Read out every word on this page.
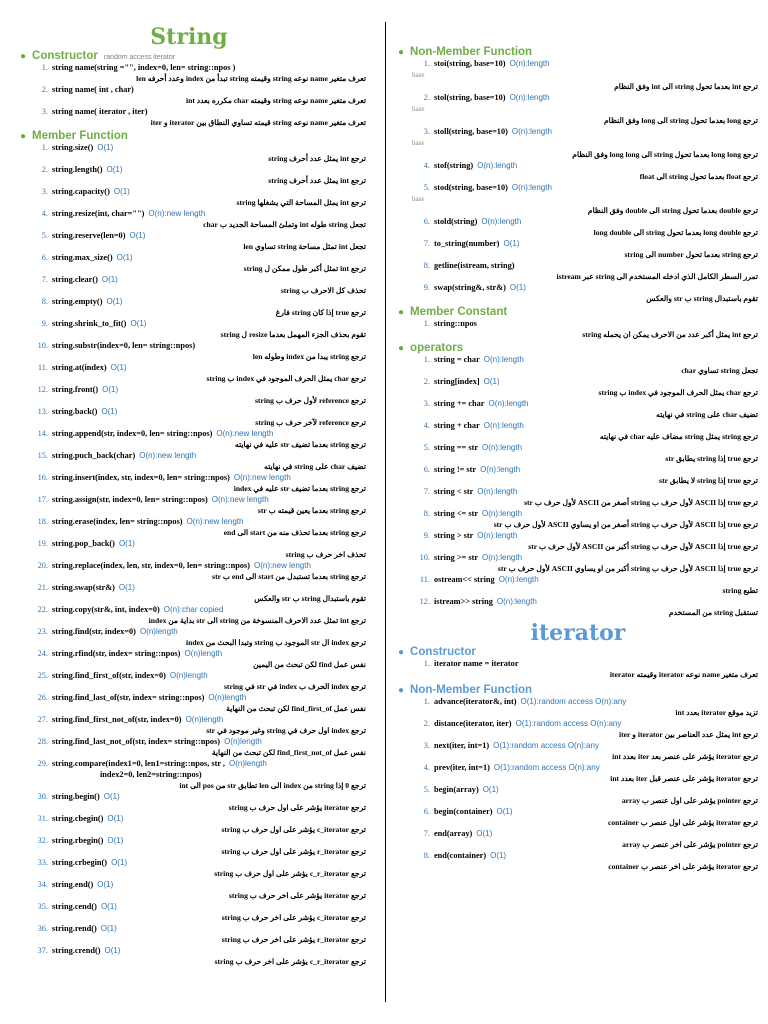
String
● Constructor random access iterator
1. string name(string ="", index=0, len= string::npos )
تعرف متغير name نوعه string وقيمته string تبدأ من index وعدد أحرفه len
2. string name( int , char)
تعرف متغير name نوعه string وقيمته char مكرره بعدد int
3. string name( iterator , iter)
تعرف متغير name نوعه string قيمته تساوي النطاق بين iterator و iter
● Member Function
1. string.size() O(1)
ترجع int يمثل عدد أحرف string
2. string.length() O(1)
ترجع int يمثل عدد أحرف string
3. string.capacity() O(1)
ترجع int يمثل المساحة التي يشغلها string
4. string.resize(int, char="") O(n):new length
تجعل string طوله int وتملئ المساحة الجديد ب char
5. string.reserve(len=0) O(1)
تجعل int تمثل مساحة string تساوي len
6. string.max_size() O(1)
ترجع int تمثل أكبر طول ممكن ل string
7. string.clear() O(1)
تحذف كل الاحرف ب string
8. string.empty() O(1)
ترجع true إذا كان string فارغ
9. string.shrink_to_fit() O(1)
تقوم بحذف الجزء المهمل بعدما resize ل string
10. string.substr(index=0, len= string::npos)
ترجع string يبدا من index وطوله len
11. string.at(index) O(1)
ترجع char يمثل الحرف الموجود في index ب string
12. string.front() O(1)
ترجع reference لأول حرف ب string
13. string.back() O(1)
ترجع reference لآخر حرف ب string
14. string.append(str, index=0, len= string::npos) O(n):new length
ترجع string بعدما تضيف str عليه في نهايته
15. string.puch_back(char) O(n):new length
تضيف char على string في نهايته
16. string.insert(index, str, index=0, len= string::npos) O(n):new length
ترجع string بعدما تضيف str عليه في index
17. string.assign(str, index=0, len= string::npos) O(n):new length
ترجع string بعدما يعين قيمته ب str
18. string.erase(index, len= string::npos) O(n):new length
ترجع string بعدما تحذف منه من start الى end
19. string.pop_back() O(1)
تحذف اخر حرف ب string
20. string.replace(index, len, str, index=0, len= string::npos) O(n):new length
ترجع string بعدما تستبدل من start الى end ب str
21. string.swap(str&) O(1)
تقوم باستبدال string ب str والعكس
22. string.copy(str&, int, index=0) O(n):char copied
ترجع int تمثل عدد الاحرف المنسوخة من string الى str بداية من index
23. string.find(str, index=0) O(n)length
ترجع index ال str الموجود ب string وتبدا البحث من index
24. string.rfind(str, index= string::npos) O(n)length
نفس عمل find لكن تبحث من اليمين
25. string.find_first_of(str, index=0) O(n)length
ترجع index الحرف ب index في str في string
26. string.find_last_of(str, index= string::npos) O(n)length
نفس عمل find_first_of لكن تبحث من النهاية
27. string.find_first_not_of(str, index=0) O(n)length
ترجع index اول حرف في string وغير موجود في str
28. string.find_last_not_of(str, index= string::npos) O(n)length
نفس عمل find_first_not_of لكن تبحث من النهاية
29. string.compare(index1=0, len1=string::npos, str , O(n)length
index2=0, len2=string::npos)
ترجع 0 إذا string من index الى len تطابق str من pos الى int
30. string.begin() O(1)
ترجع iterator يؤشر على اول حرف ب string
31. string.cbegin() O(1)
ترجع c_iterator يؤشر على اول حرف ب string
32. string.rbegin() O(1)
ترجع r_iterator يؤشر على اول حرف ب string
33. string.crbegin() O(1)
ترجع c_r_iterator يؤشر على اول حرف ب string
34. string.end() O(1)
ترجع iterator يؤشر على اخر حرف ب string
35. string.cend() O(1)
ترجع c_iterator يؤشر على اخر حرف ب string
36. string.rend() O(1)
ترجع r_iterator يؤشر على اخر حرف ب string
37. string.crend() O(1)
ترجع c_r_iterator يؤشر على اخر حرف ب string
● Non-Member Function
1. stoi(string, base=10) O(n):length
base
ترجع int بعدما تحول string الى int وفق النظام
2. stol(string, base=10) O(n):length
base
ترجع long بعدما تحول string الى long وفق النظام
3. stoll(string, base=10) O(n):length
base
ترجع long long بعدما تحول string الى long long وفق النظام
4. stof(string) O(n):length
ترجع float بعدما تحول string الى float
5. stod(string, base=10) O(n):length
base
ترجع double بعدما تحول string الى double وفق النظام
6. stold(string) O(n):length
ترجع long double بعدما تحول string الى long double
7. to_string(number) O(1)
ترجع string بعدما تحول number الى string
8. getline(istream, string)
تمرر السطر الكامل الذي ادخله المستخدم الى string عبر istream
9. swap(string&, str&) O(1)
تقوم باستبدال string ب str والعكس
● Member Constant
1. string::npos
ترجع int يمثل أكبر عدد من الاحرف يمكن ان يحمله string
● operators
1. string = char O(n):length
تجعل string تساوي char
2. string[index] O(1)
ترجع char يمثل الحرف الموجود في index ب string
3. string += char O(n):length
تضيف char على string في نهايته
4. string + char O(n):length
ترجع string يمثل string مضاف عليه char في نهايته
5. string == str O(n):length
ترجع true إذا string يطابق str
6. string != str O(n):length
ترجع true إذا string لا يطابق str
7. string < str O(n):length
ترجع true إذا ASCII لأول حرف ب string أصغر من ASCII لأول حرف ب str
8. string <= str O(n):length
ترجع true إذا ASCII لأول حرف ب string أصغر من او يساوي ASCII لأول حرف ب str
9. string > str O(n):length
ترجع true إذا ASCII لأول حرف ب string أكبر من ASCII لأول حرف ب str
10. string >= str O(n):length
ترجع true إذا ASCII لأول حرف ب string أكبر من او يساوي ASCII لأول حرف ب str
11. ostream<< string O(n):length
تطبع string
12. istream>> string O(n):length
تستقبل string من المستخدم
iterator
● Constructor
1. iterator name = iterator
تعرف متغير name نوعه iterator وقيمته iterator
● Non-Member Function
1. advance(iterator&, int) O(1):random access O(n):any
تزيد موقع iterator بعدد int
2. distance(iterator, iter) O(1):random access O(n):any
ترجع int يمثل عدد العناصر بين iterator و iter
3. next(iter, int=1) O(1):random access O(n):any
ترجع iterator يؤشر على عنصر بعد iter بعدد int
4. prev(iter, int=1) O(1):random access O(n):any
ترجع iterator يؤشر على عنصر قبل iter بعدد int
5. begin(array) O(1)
ترجع pointer يؤشر على اول عنصر ب array
6. begin(container) O(1)
ترجع iterator يؤشر على اول عنصر ب container
7. end(array) O(1)
ترجع pointer يؤشر على اخر عنصر ب array
8. end(container) O(1)
ترجع iterator يؤشر على اخر عنصر ب container
